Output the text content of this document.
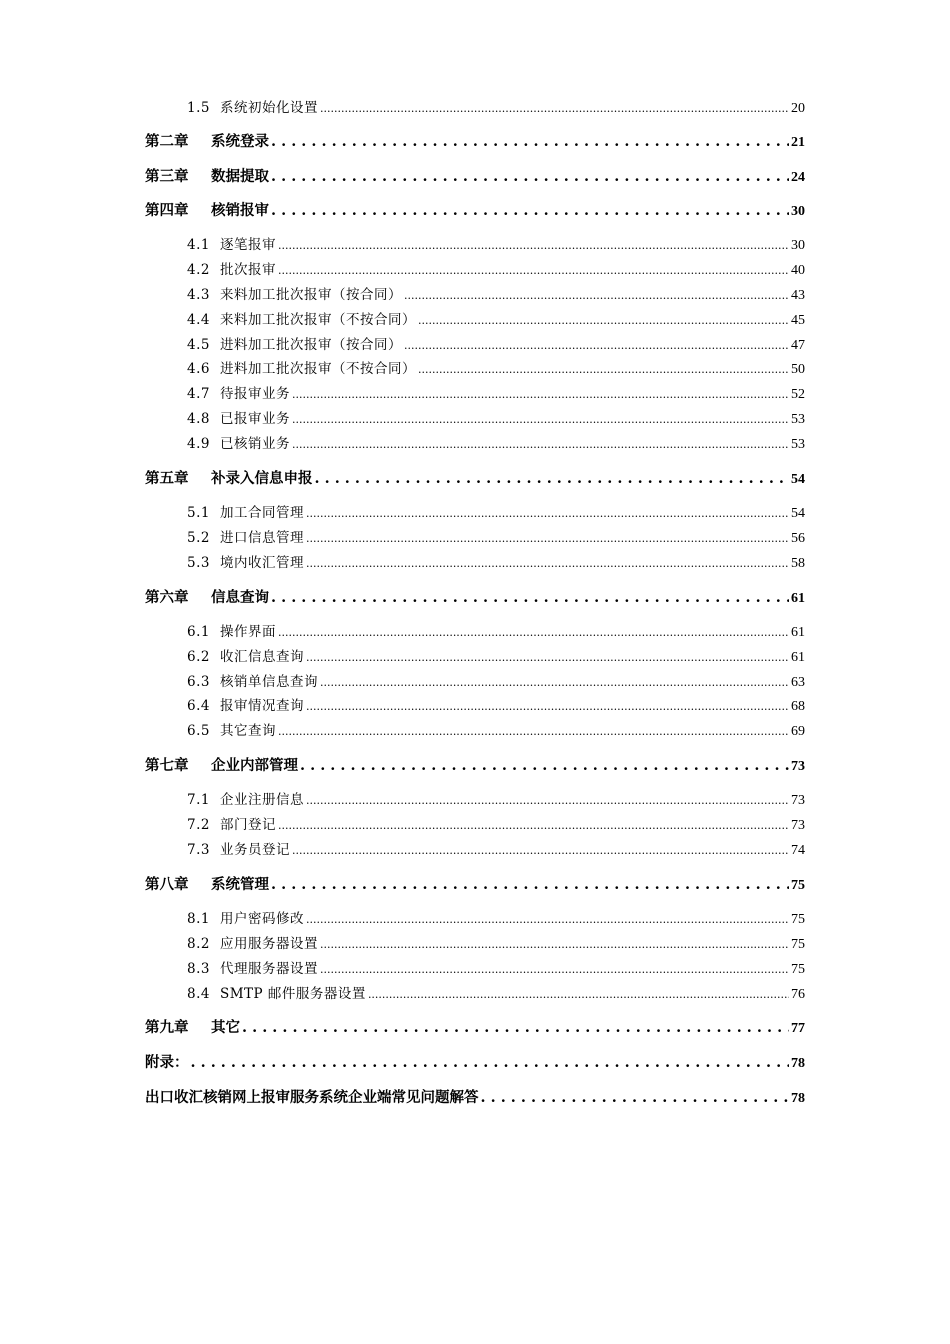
1.5 系统初始化设置 .....	20
第二章	系统登录 . . .	21
第三章	数据提取 . . .	24
第四章	核销报审 . . .	30
4.1 逐笔报审 .....	30
4.2 批次报审 .....	40
4.3 来料加工批次报审（按合同） .....	43
4.4 来料加工批次报审（不按合同） .....	45
4.5 进料加工批次报审（按合同） .....	47
4.6 进料加工批次报审（不按合同） .....	50
4.7 待报审业务 .....	52
4.8 已报审业务 .....	53
4.9 已核销业务 .....	53
第五章	补录入信息申报 . . .	54
5.1 加工合同管理 .....	54
5.2 进口信息管理 .....	56
5.3 境内收汇管理 .....	58
第六章	信息查询 . . .	61
6.1 操作界面 .....	61
6.2 收汇信息查询 .....	61
6.3 核销单信息查询 .....	63
6.4 报审情况查询 .....	68
6.5 其它查询 .....	69
第七章	企业内部管理 . . .	73
7.1 企业注册信息 .....	73
7.2 部门登记 .....	73
7.3 业务员登记 .....	74
第八章	系统管理 . . .	75
8.1 用户密码修改 .....	75
8.2 应用服务器设置 .....	75
8.3 代理服务器设置 .....	75
8.4 SMTP 邮件服务器设置 .....	76
第九章	其它 . . .	77
附录： . . .	78
出口收汇核销网上报审服务系统企业端常见问题解答 . . .	78
